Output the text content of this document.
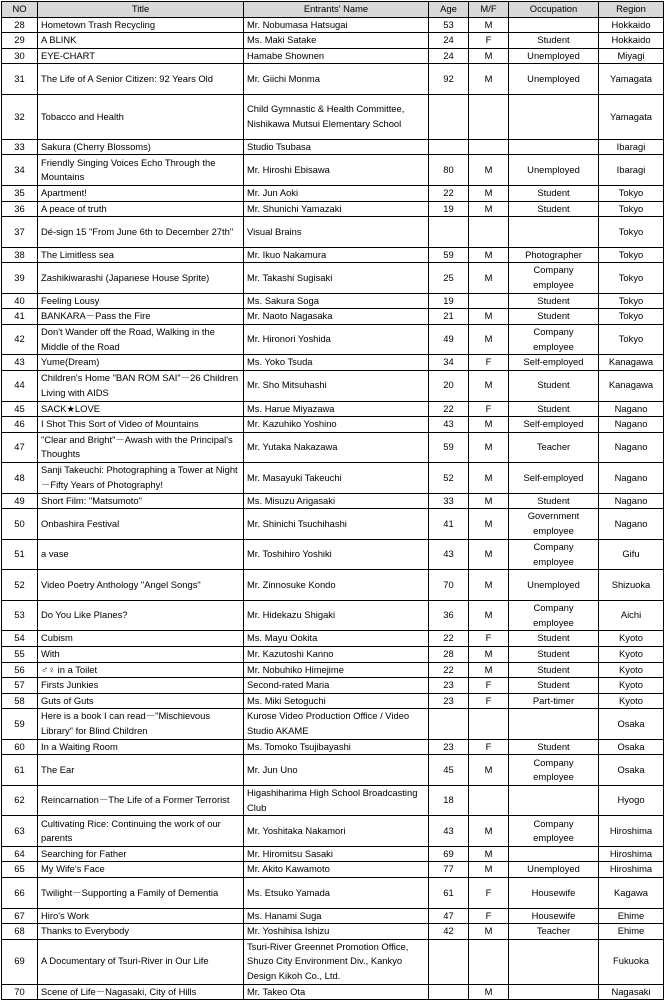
NO	Title	Entrants' Name	Age	M/F	Occupation	Region
28	Hometown Trash Recycling	Mr. Nobumasa Hatsugai	53	M		Hokkaido
29	A BLINK	Ms. Maki Satake	24	F	Student	Hokkaido
30	EYE-CHART	Hamabe Shownen	24	M	Unemployed	Miyagi
31	The Life of A Senior Citizen: 92 Years Old	Mr. Giichi Monma	92	M	Unemployed	Yamagata
32	Tobacco and Health	Child Gymnastic & Health Committee, Nishikawa Mutsui Elementary School				Yamagata
33	Sakura (Cherry Blossoms)	Studio Tsubasa				Ibaragi
34	Friendly Singing Voices Echo Through the Mountains	Mr. Hiroshi Ebisawa	80	M	Unemployed	Ibaragi
35	Apartment!	Mr. Jun Aoki	22	M	Student	Tokyo
36	A peace of truth	Mr. Shunichi Yamazaki	19	M	Student	Tokyo
37	Dé-sign 15 "From June 6th to December 27th"	Visual Brains				Tokyo
38	The Limitless sea	Mr. Ikuo Nakamura	59	M	Photographer	Tokyo
39	Zashikiwarashi (Japanese House Sprite)	Mr. Takashi Sugisaki	25	M	Company employee	Tokyo
40	Feeling Lousy	Ms. Sakura Soga	19		Student	Tokyo
41	BANKARA－Pass the Fire	Mr. Naoto Nagasaka	21	M	Student	Tokyo
42	Don't Wander off the Road, Walking in the Middle of the Road	Mr. Hironori Yoshida	49	M	Company employee	Tokyo
43	Yume(Dream)	Ms. Yoko Tsuda	34	F	Self-employed	Kanagawa
44	Children's Home "BAN ROM SAI"－26 Children Living with AIDS	Mr. Sho Mitsuhashi	20	M	Student	Kanagawa
45	SACK★LOVE	Ms. Harue Miyazawa	22	F	Student	Nagano
46	I Shot This Sort of Video of Mountains	Mr. Kazuhiko Yoshino	43	M	Self-employed	Nagano
47	"Clear and Bright"－Awash with the Principal's Thoughts	Mr. Yutaka Nakazawa	59	M	Teacher	Nagano
48	Sanji Takeuchi: Photographing a Tower at Night－Fifty Years of Photography!	Mr. Masayuki Takeuchi	52	M	Self-employed	Nagano
49	Short Film: "Matsumoto"	Ms. Misuzu Arigasaki	33	M	Student	Nagano
50	Onbashira Festival	Mr. Shinichi Tsuchihashi	41	M	Government employee	Nagano
51	a vase	Mr. Toshihiro Yoshiki	43	M	Company employee	Gifu
52	Video Poetry Anthology "Angel Songs"	Mr. Zinnosuke Kondo	70	M	Unemployed	Shizuoka
53	Do You Like Planes?	Mr. Hidekazu Shigaki	36	M	Company employee	Aichi
54	Cubism	Ms. Mayu Ookita	22	F	Student	Kyoto
55	With	Mr. Kazutoshi Kanno	28	M	Student	Kyoto
56	♂♀ in a Toilet	Mr. Nobuhiko Himejime	22	M	Student	Kyoto
57	Firsts Junkies	Second-rated Maria	23	F	Student	Kyoto
58	Guts of Guts	Ms. Miki Setoguchi	23	F	Part-timer	Kyoto
59	Here is a book I can read－"Mischievous Library" for Blind Children	Kurose Video Production Office / Video Studio AKAME				Osaka
60	In a Waiting Room	Ms. Tomoko Tsujibayashi	23	F	Student	Osaka
61	The Ear	Mr. Jun Uno	45	M	Company employee	Osaka
62	Reincarnation－The Life of a Former Terrorist	Higashiharima High School Broadcasting Club	18			Hyogo
63	Cultivating Rice: Continuing the work of our parents	Mr. Yoshitaka Nakamori	43	M	Company employee	Hiroshima
64	Searching for Father	Mr. Hiromitsu Sasaki	69	M		Hiroshima
65	My Wife's Face	Mr. Akito Kawamoto	77	M	Unemployed	Hiroshima
66	Twilight－Supporting a Family of Dementia	Ms. Etsuko Yamada	61	F	Housewife	Kagawa
67	Hiro's Work	Ms. Hanami Suga	47	F	Housewife	Ehime
68	Thanks to Everybody	Mr. Yoshihisa Ishizu	42	M	Teacher	Ehime
69	A Documentary of Tsuri-River in Our Life	Tsuri-River Greennet Promotion Office, Shuzo City Environment Div., Kankyo Design Kikoh Co., Ltd.				Fukuoka
70	Scene of Life－Nagasaki, City of Hills	Mr. Takeo Ota		M		Nagasaki
